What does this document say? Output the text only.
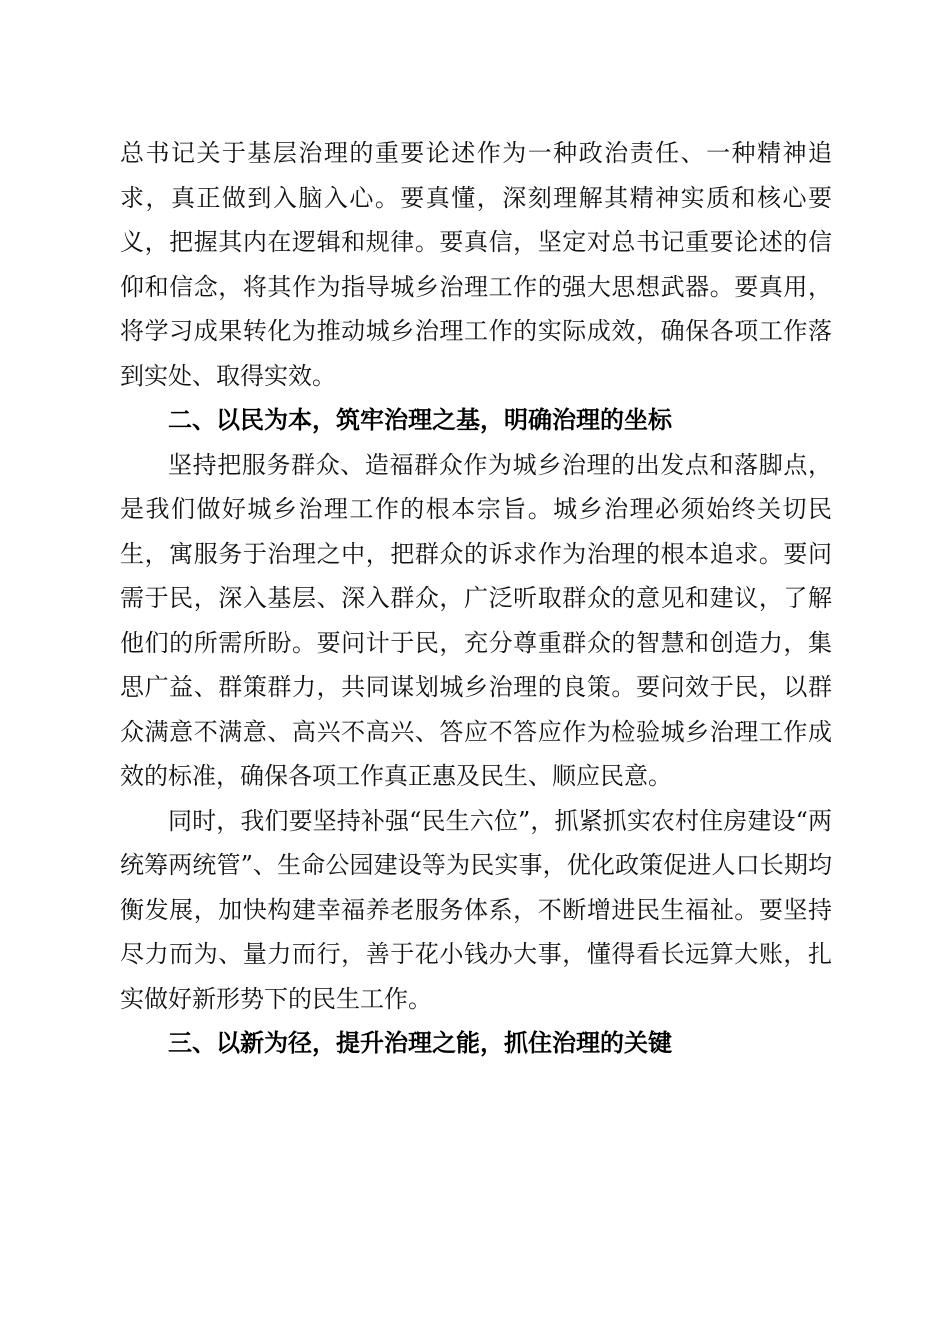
总书记关于基层治理的重要论述作为一种政治责任、一种精神追求，真正做到入脑入心。要真懂，深刻理解其精神实质和核心要义，把握其内在逻辑和规律。要真信，坚定对总书记重要论述的信仰和信念，将其作为指导城乡治理工作的强大思想武器。要真用，将学习成果转化为推动城乡治理工作的实际成效，确保各项工作落到实处、取得实效。

二、以民为本，筑牢治理之基，明确治理的坐标

坚持把服务群众、造福群众作为城乡治理的出发点和落脚点，是我们做好城乡治理工作的根本宗旨。城乡治理必须始终关切民生，寓服务于治理之中，把群众的诉求作为治理的根本追求。要问需于民，深入基层、深入群众，广泛听取群众的意见和建议，了解他们的所需所盼。要问计于民，充分尊重群众的智慧和创造力，集思广益、群策群力，共同谋划城乡治理的良策。要问效于民，以群众满意不满意、高兴不高兴、答应不答应作为检验城乡治理工作成效的标准，确保各项工作真正惠及民生、顺应民意。

同时，我们要坚持补强“民生六位”，抓紧抓实农村住房建设“两统筹两统管”、生命公园建设等为民实事，优化政策促进人口长期均衡发展，加快构建幸福养老服务体系，不断增进民生福祉。要坚持尽力而为、量力而行，善于花小钱办大事，懂得看长远算大账，扎实做好新形势下的民生工作。

三、以新为径，提升治理之能，抓住治理的关键
